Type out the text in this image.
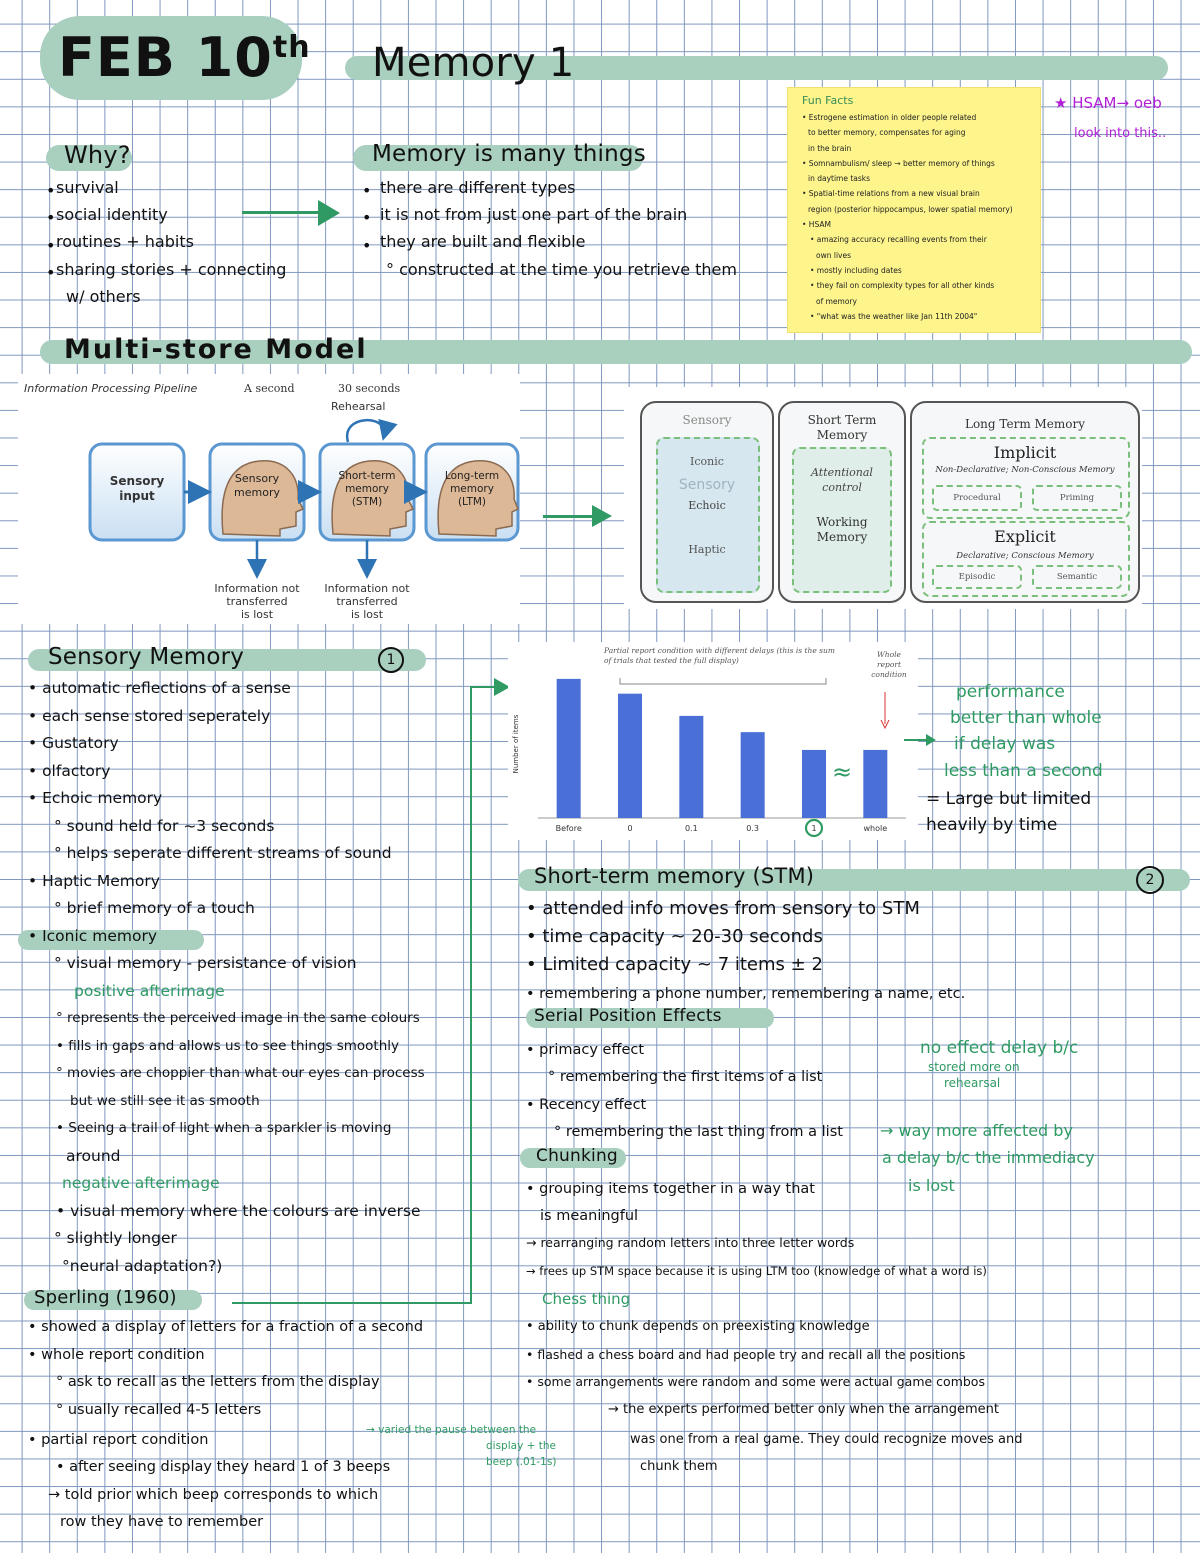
FEB 10th Memory 1
Why?
survival
social identity
routines + habits
sharing stories + connecting
w/ others
•
•
•
•
Memory is many things
•
•
•
there are different types
it is not from just one part of the brain
they are built and flexible
° constructed at the time you retrieve them
Fun Facts
• Estrogene estimation in older people related
to better memory, compensates for aging
in the brain
• Somnambulism/ sleep → better memory of things
in daytime tasks
• Spatial-time relations from a new visual brain
region (posterior hippocampus, lower spatial memory)
• HSAM
• amazing accuracy recalling events from their
own lives
• mostly including dates
• they fail on complexity types for all other kinds
of memory
• "what was the weather like Jan 11th 2004"
★ HSAM→ oeb
look into this..
Multi-store Model
Information Processing Pipeline	A second	30 seconds
Rehearsal
Sensory
input
Sensory
memory
Short-term
memory
(STM)
Long-term
memory
(LTM)
Information not
transferred
is lost
Information not
transferred
is lost
Sensory
Iconic
Sensory
Echoic
Haptic
Short Term
Memory
Attentional
control
Working
Memory
Long Term Memory
Implicit
Non-Declarative; Non-Conscious Memory
Procedural	Priming
Explicit
Declarative; Conscious Memory
Episodic	Semantic
Sensory Memory	1
• automatic reflections of a sense
• each sense stored seperately
• Gustatory
• olfactory
• Echoic memory
° sound held for ~3 seconds
° helps seperate different streams of sound
• Haptic Memory
° brief memory of a touch
• Iconic memory
° visual memory - persistance of vision
positive afterimage
° represents the perceived image in the same colours
• fills in gaps and allows us to see things smoothly
° movies are choppier than what our eyes can process
but we still see it as smooth
• Seeing a trail of light when a sparkler is moving
around
negative afterimage
• visual memory where the colours are inverse
° slightly longer
°neural adaptation?)
Sperling (1960)
• showed a display of letters for a fraction of a second
• whole report condition
° ask to recall as the letters from the display
° usually recalled 4-5 letters
• partial report condition
• after seeing display they heard 1 of 3 beeps
→ told prior which beep corresponds to which
row they have to remember
→ varied the pause between the
display + the
beep (.01-1s)
Number of items
Before	0	0.1	0.3	1	whole
Partial report condition with different delays (this is the sum of trials that tested the full display)
Whole
report
condition
≈
performance
better than whole
if delay was
less than a second
= Large but limited
heavily by time
Short-term memory (STM)	2
• attended info moves from sensory to STM
• time capacity ~ 20-30 seconds
• Limited capacity ~ 7 items ± 2
• remembering a phone number, remembering a name, etc.
Serial Position Effects
• primacy effect
° remembering the first items of a list
• Recency effect
° remembering the last thing from a list
no effect delay b/c
stored more on
rehearsal
→ way more affected by
a delay b/c the immediacy
is lost
Chunking
• grouping items together in a way that
is meaningful
→ rearranging random letters into three letter words
→ frees up STM space because it is using LTM too (knowledge of what a word is)
Chess thing
• ability to chunk depends on preexisting knowledge
• flashed a chess board and had people try and recall all the positions
• some arrangements were random and some were actual game combos
→ the experts performed better only when the arrangement
was one from a real game. They could recognize moves and
chunk them
